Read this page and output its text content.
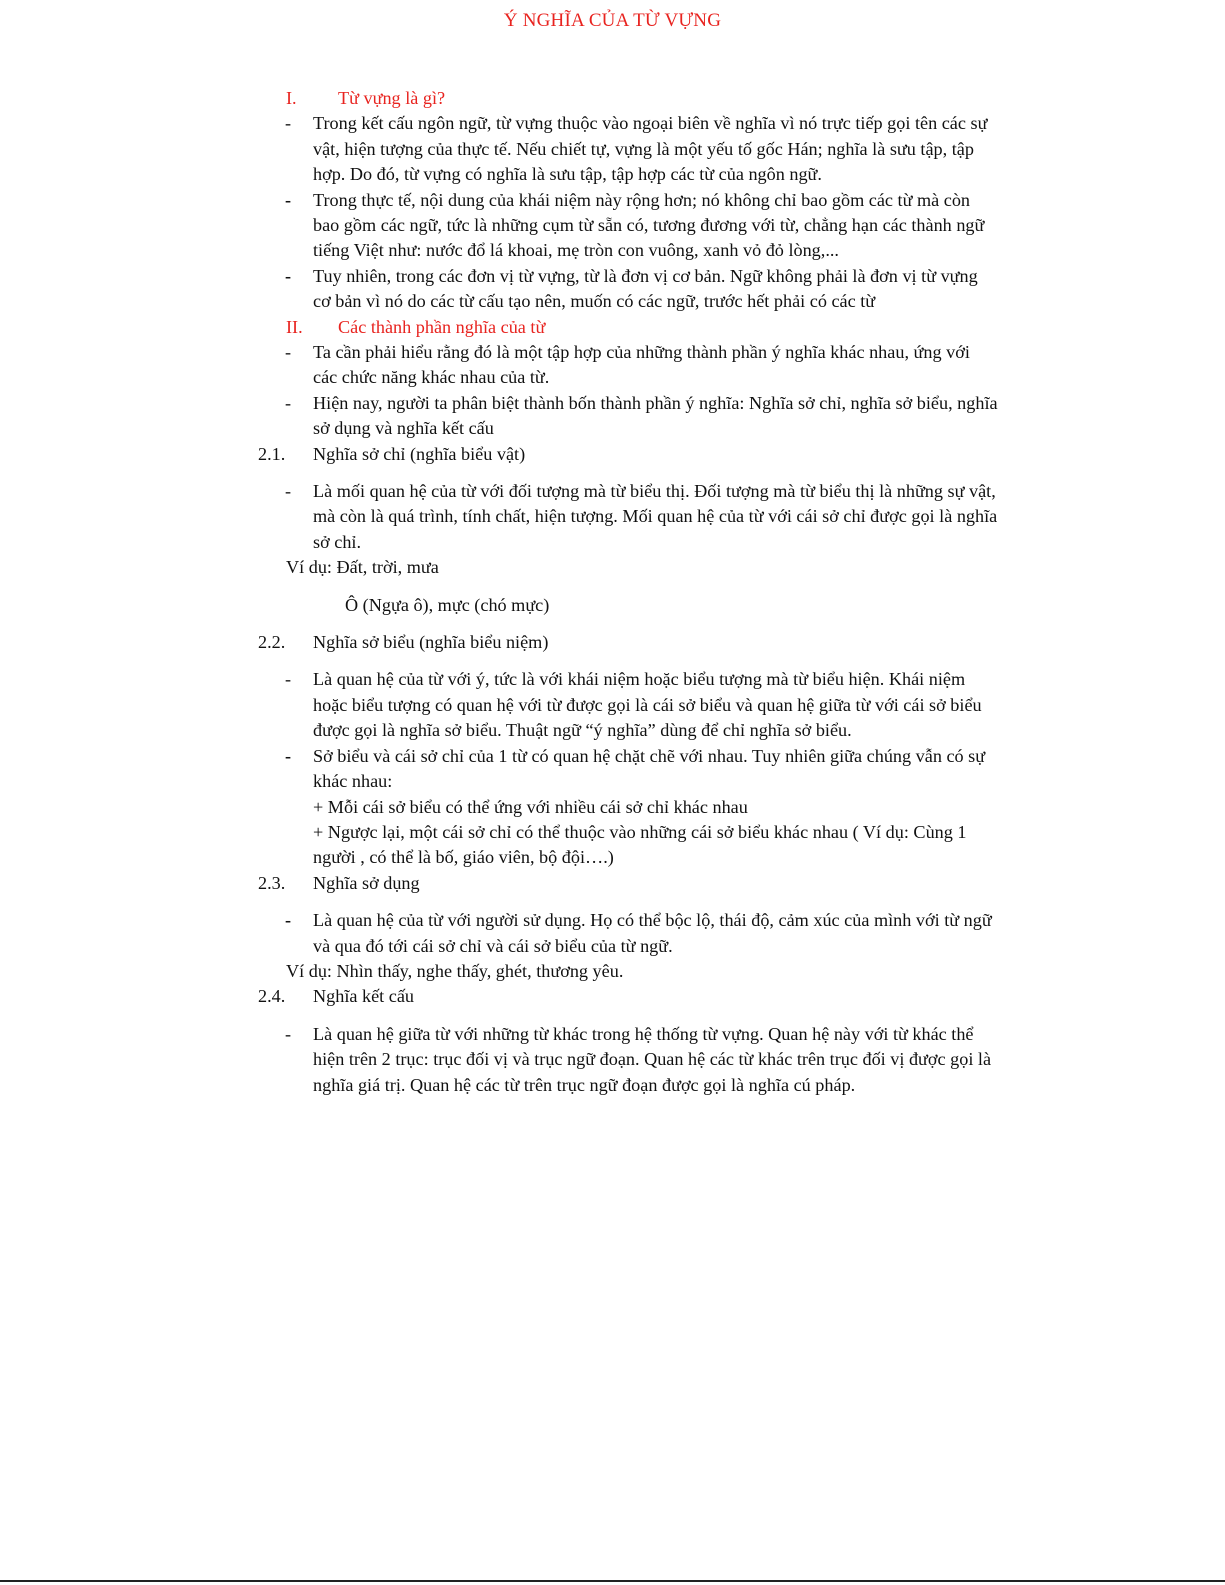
Ý NGHĨA CỦA TỪ VỰNG
I. Từ vựng là gì?
- Trong kết cấu ngôn ngữ, từ vựng thuộc vào ngoại biên về nghĩa vì nó trực tiếp gọi tên các sự vật, hiện tượng của thực tế. Nếu chiết tự, vựng là một yếu tố gốc Hán; nghĩa là sưu tập, tập hợp. Do đó, từ vựng có nghĩa là sưu tập, tập hợp các từ của ngôn ngữ.
- Trong thực tế, nội dung của khái niệm này rộng hơn; nó không chỉ bao gồm các từ mà còn bao gồm các ngữ, tức là những cụm từ sẵn có, tương đương với từ, chẳng hạn các thành ngữ tiếng Việt như: nước đổ lá khoai, mẹ tròn con vuông, xanh vỏ đỏ lòng,...
- Tuy nhiên, trong các đơn vị từ vựng, từ là đơn vị cơ bản. Ngữ không phải là đơn vị từ vựng cơ bản vì nó do các từ cấu tạo nên, muốn có các ngữ, trước hết phải có các từ
II. Các thành phần nghĩa của từ
- Ta cần phải hiểu rằng đó là một tập hợp của những thành phần ý nghĩa khác nhau, ứng với các chức năng khác nhau của từ.
- Hiện nay, người ta phân biệt thành bốn thành phần ý nghĩa: Nghĩa sở chỉ, nghĩa sở biểu, nghĩa sở dụng và nghĩa kết cấu
2.1. Nghĩa sở chỉ (nghĩa biểu vật)
- Là mối quan hệ của từ với đối tượng mà từ biểu thị. Đối tượng mà từ biểu thị là những sự vật, mà còn là quá trình, tính chất, hiện tượng. Mối quan hệ của từ với cái sở chỉ được gọi là nghĩa sở chỉ.
Ví dụ: Đất, trời, mưa
Ô (Ngựa ô), mực (chó mực)
2.2. Nghĩa sở biểu (nghĩa biểu niệm)
- Là quan hệ của từ với ý, tức là với khái niệm hoặc biểu tượng mà từ biểu hiện. Khái niệm hoặc biểu tượng có quan hệ với từ được gọi là cái sở biểu và quan hệ giữa từ với cái sở biểu được gọi là nghĩa sở biểu. Thuật ngữ “ý nghĩa” dùng để chỉ nghĩa sở biểu.
- Sở biểu và cái sở chỉ của 1 từ có quan hệ chặt chẽ với nhau. Tuy nhiên giữa chúng vẫn có sự khác nhau:
+ Mỗi cái sở biểu có thể ứng với nhiều cái sở chỉ khác nhau
+ Ngược lại, một cái sở chỉ có thể thuộc vào những cái sở biểu khác nhau ( Ví dụ: Cùng 1 người , có thể là bố, giáo viên, bộ đội….)
2.3. Nghĩa sở dụng
- Là quan hệ của từ với người sử dụng. Họ có thể bộc lộ, thái độ, cảm xúc của mình với từ ngữ và qua đó tới cái sở chỉ và cái sở biểu của từ ngữ.
Ví dụ: Nhìn thấy, nghe thấy, ghét, thương yêu.
2.4. Nghĩa kết cấu
- Là quan hệ giữa từ với những từ khác trong hệ thống từ vựng. Quan hệ này với từ khác thể hiện trên 2 trục: trục đối vị và trục ngữ đoạn. Quan hệ các từ khác trên trục đối vị được gọi là nghĩa giá trị. Quan hệ các từ trên trục ngữ đoạn được gọi là nghĩa cú pháp.
